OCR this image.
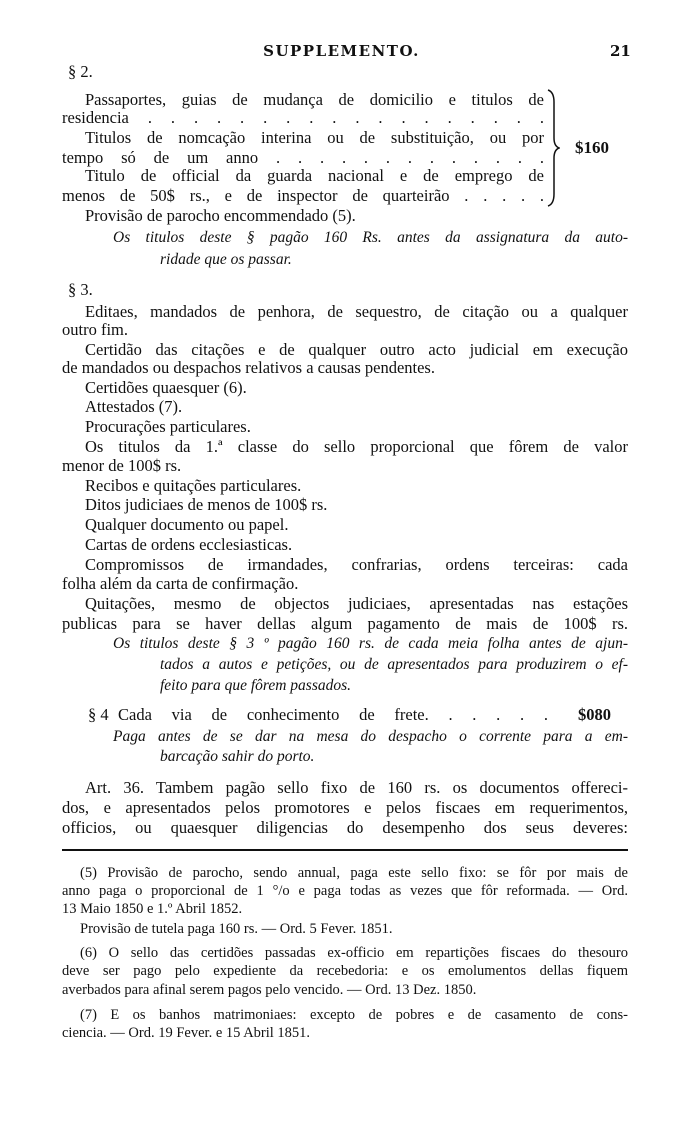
SUPPLEMENTO.	21
§ 2.
Passaportes, guias de mudança de domicilio e titulos de
residencia . . . . . . . . . . . . . . . . . .
Titulos de nomcação interina ou de substituição, ou por
tempo só de um anno . . . . . . . . . . . . .
Titulo de official da guarda nacional e de emprego de
menos de 50$ rs., e de inspector de quarteirão . . . . .
$160
Provisão de parocho encommendado (5).
Os titulos deste § pagão 160 Rs. antes da assignatura da auto-
ridade que os passar.
§ 3.
Editaes, mandados de penhora, de sequestro, de citação ou a qualquer
outro fim.
Certidão das citações e de qualquer outro acto judicial em execução
de mandados ou despachos relativos a causas pendentes.
Certidões quaesquer (6).
Attestados (7).
Procurações particulares.
Os titulos da 1.ª classe do sello proporcional que fôrem de valor
menor de 100$ rs.
Recibos e quitações particulares.
Ditos judiciaes de menos de 100$ rs.
Qualquer documento ou papel.
Cartas de ordens ecclesiasticas.
Compromissos de irmandades, confrarias, ordens terceiras: cada
folha além da carta de confirmação.
Quitações, mesmo de objectos judiciaes, apresentadas nas estações
publicas para se haver dellas algum pagamento de mais de 100$ rs.
Os titulos deste § 3 º pagão 160 rs. de cada meia folha antes de ajun-
tados a autos e petições, ou de apresentados para produzirem o ef-
feito para que fôrem passados.
§ 4 Cada via de conhecimento de frete. . . . . . $080
Paga antes de se dar na mesa do despacho o corrente para a em-
barcação sahir do porto.
Art. 36. Tambem pagão sello fixo de 160 rs. os documentos offereci-
dos, e apresentados pelos promotores e pelos fiscaes em requerimentos,
officios, ou quaesquer diligencias do desempenho dos seus deveres:
(5) Provisão de parocho, sendo annual, paga este sello fixo: se fôr por mais de
anno paga o proporcional de 1 °/o e paga todas as vezes que fôr reformada. — Ord.
13 Maio 1850 e 1.º Abril 1852.
Provisão de tutela paga 160 rs. — Ord. 5 Fever. 1851.
(6) O sello das certidões passadas ex-officio em repartições fiscaes do thesouro
deve ser pago pelo expediente da recebedoria: e os emolumentos dellas fiquem
averbados para afinal serem pagos pelo vencido. — Ord. 13 Dez. 1850.
(7) E os banhos matrimoniaes: excepto de pobres e de casamento de cons-
ciencia. — Ord. 19 Fever. e 15 Abril 1851.
